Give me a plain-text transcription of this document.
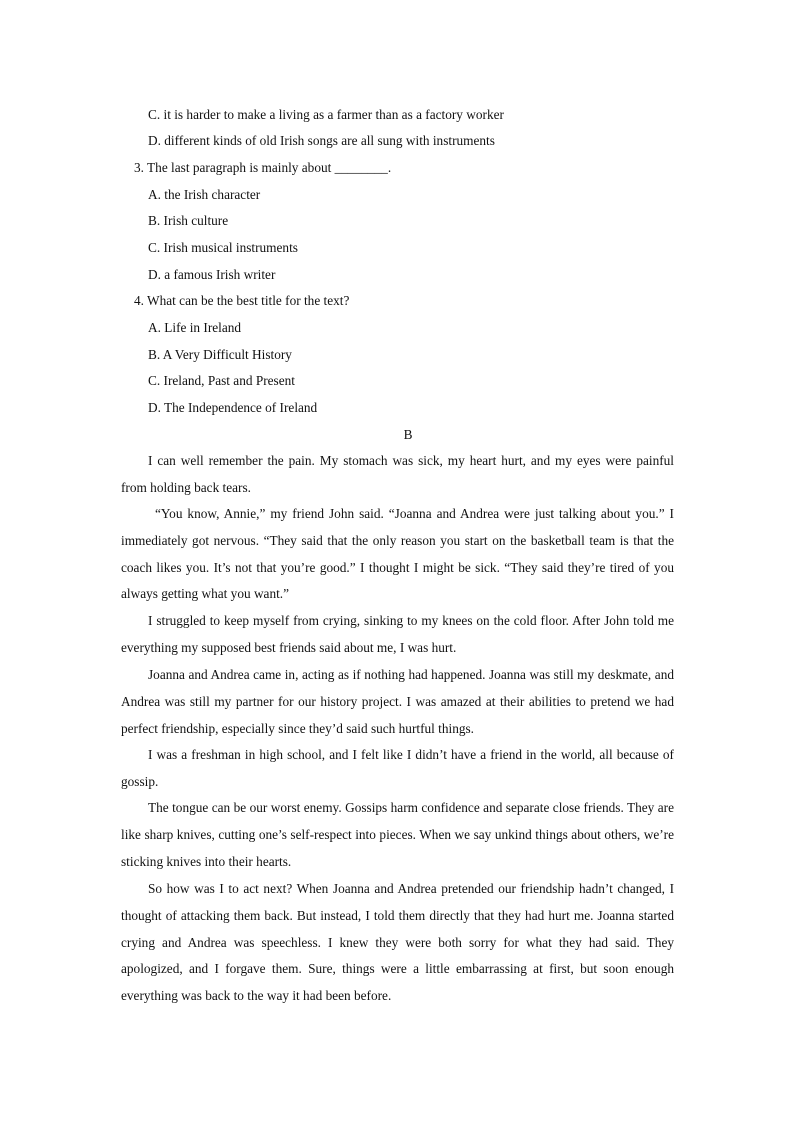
C. it is harder to make a living as a farmer than as a factory worker
D. different kinds of old Irish songs are all sung with instruments
3. The last paragraph is mainly about ________.
A. the Irish character
B. Irish culture
C. Irish musical instruments
D. a famous Irish writer
4. What can be the best title for the text?
A. Life in Ireland
B. A Very Difficult History
C. Ireland, Past and Present
D. The Independence of Ireland
B

I can well remember the pain. My stomach was sick, my heart hurt, and my eyes were painful from holding back tears.

“You know, Annie,” my friend John said. “Joanna and Andrea were just talking about you.” I immediately got nervous. “They said that the only reason you start on the basketball team is that the coach likes you. It’s not that you’re good.” I thought I might be sick. “They said they’re tired of you always getting what you want.”

I struggled to keep myself from crying, sinking to my knees on the cold floor. After John told me everything my supposed best friends said about me, I was hurt.

Joanna and Andrea came in, acting as if nothing had happened. Joanna was still my deskmate, and Andrea was still my partner for our history project. I was amazed at their abilities to pretend we had perfect friendship, especially since they’d said such hurtful things.

I was a freshman in high school, and I felt like I didn’t have a friend in the world, all because of gossip.

The tongue can be our worst enemy. Gossips harm confidence and separate close friends. They are like sharp knives, cutting one’s self-respect into pieces. When we say unkind things about others, we’re sticking knives into their hearts.

So how was I to act next? When Joanna and Andrea pretended our friendship hadn’t changed, I thought of attacking them back. But instead, I told them directly that they had hurt me. Joanna started crying and Andrea was speechless. I knew they were both sorry for what they had said. They apologized, and I forgave them. Sure, things were a little embarrassing at first, but soon enough everything was back to the way it had been before.
